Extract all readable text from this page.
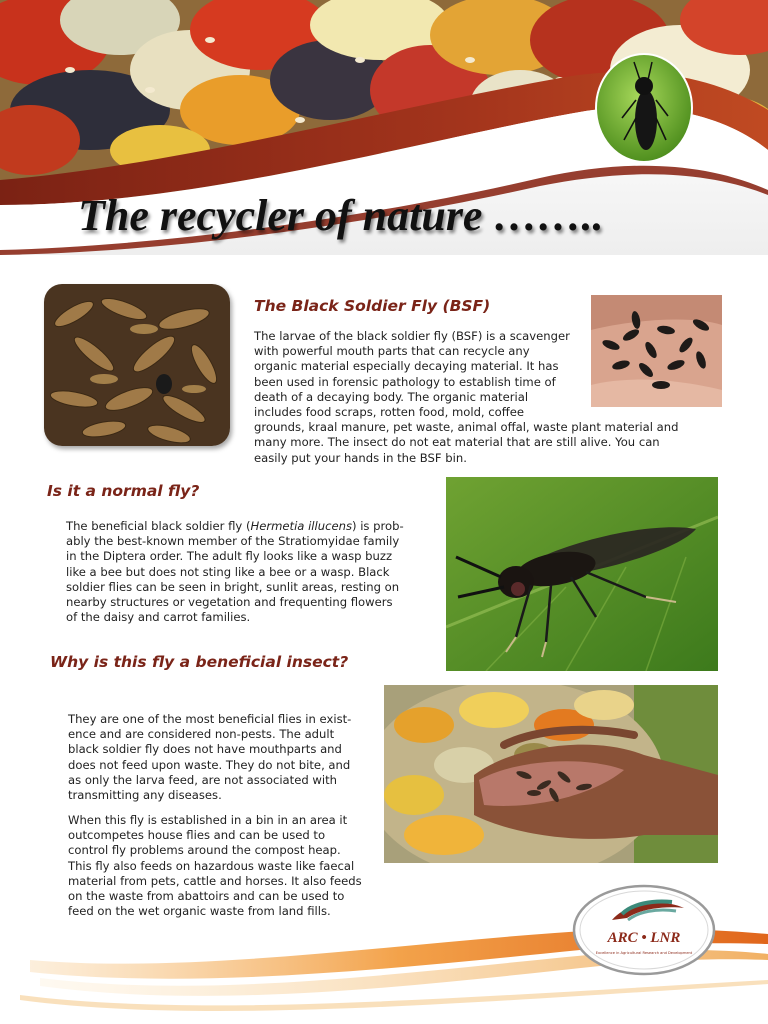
The recycler of nature ……..
The Black Soldier Fly (BSF)
The larvae of the black soldier fly (BSF) is a scavenger
with powerful mouth parts that can recycle any
organic material especially decaying material. It has
been used in forensic pathology to establish time of
death of a decaying body. The organic material
includes food scraps, rotten food, mold, coffee
grounds, kraal manure, pet waste, animal offal, waste plant material and
many more. The insect do not eat material that are still alive. You can
easily put your hands in the BSF bin.
Is it a normal fly?
The beneficial black soldier fly (Hermetia illucens) is prob-
ably the best-known member of the Stratiomyidae family
in the Diptera order. The adult fly looks like a wasp buzz
like a bee but does not sting like a bee or a wasp. Black
soldier flies can be seen in bright, sunlit areas, resting on
nearby structures or vegetation and frequenting flowers
of the daisy and carrot families.
Why is this fly a beneficial insect?
They are one of the most beneficial flies in exist-
ence and are considered non-pests. The adult
black soldier fly does not have mouthparts and
does not feed upon waste. They do not bite, and
as only the larva feed, are not associated with
transmitting any diseases.
When this fly is established in a bin in an area it
outcompetes house flies and can be used to
control fly problems around the compost heap.
This fly also feeds on hazardous waste like faecal
material from pets, cattle and horses. It also feeds
on the waste from abattoirs and can be used to
feed on the wet organic waste from land fills.
ARC • LNR
Excellence in Agricultural Research and Development
